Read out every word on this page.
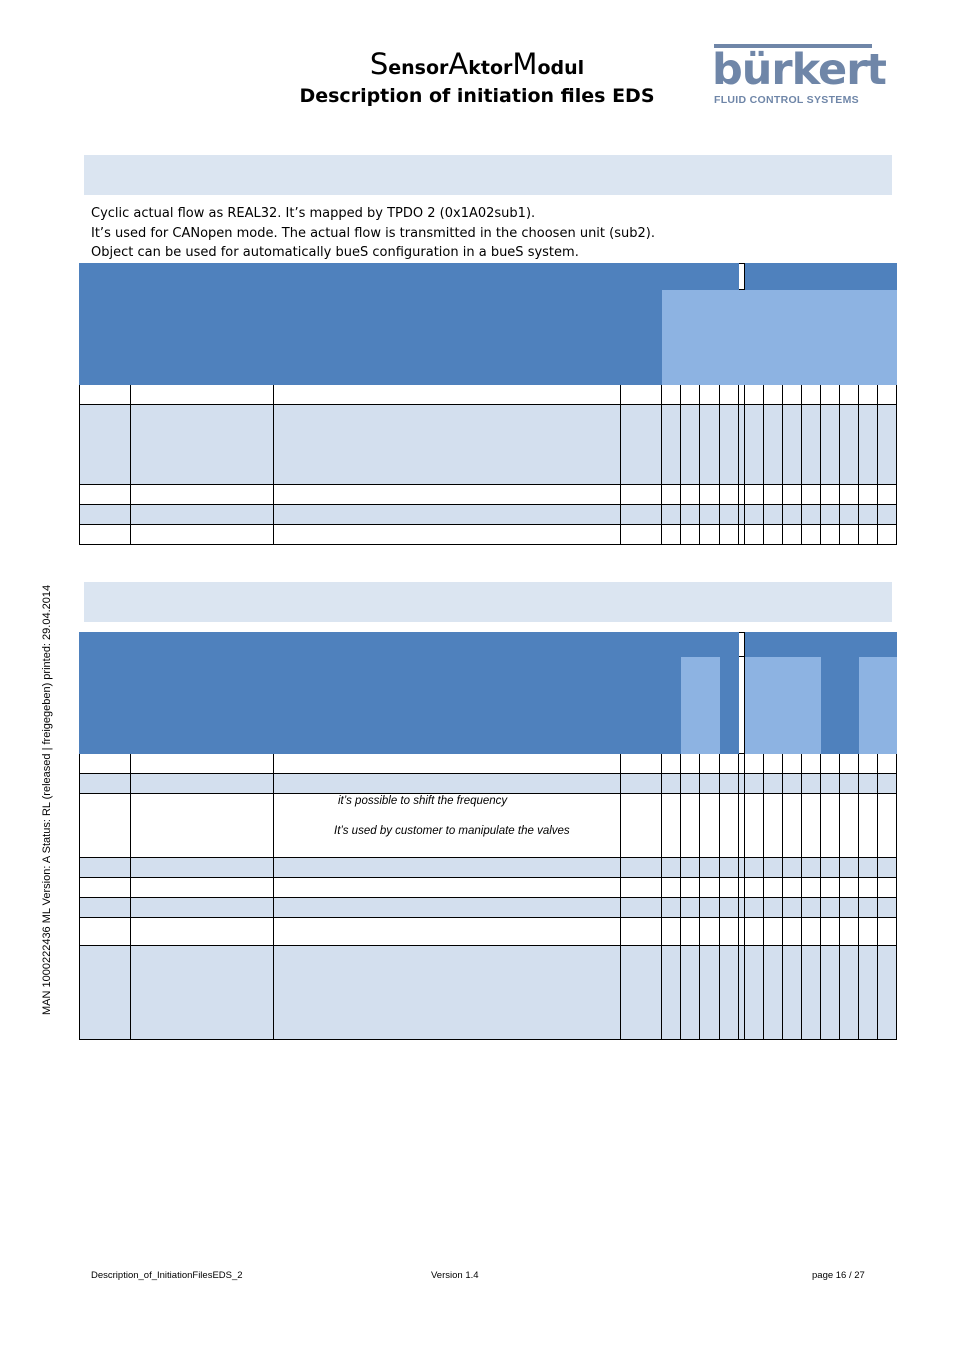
SensorAktorModul
Description of initiation files EDS
bürkert
FLUID CONTROL SYSTEMS
Cyclic actual flow as REAL32. It’s mapped by TPDO 2 (0x1A02sub1).
It’s used for CANopen mode. The actual flow is transmitted in the choosen unit (sub2).
Object can be used for automatically bueS configuration in a bueS system.

it’s possible to shift the frequency
It’s used by customer to manipulate the valves
MAN 1000222436 ML Version: A Status: RL (released | freigegeben) printed: 29.04.2014
Description_of_InitiationFilesEDS_2	Version 1.4	page 16 / 27
